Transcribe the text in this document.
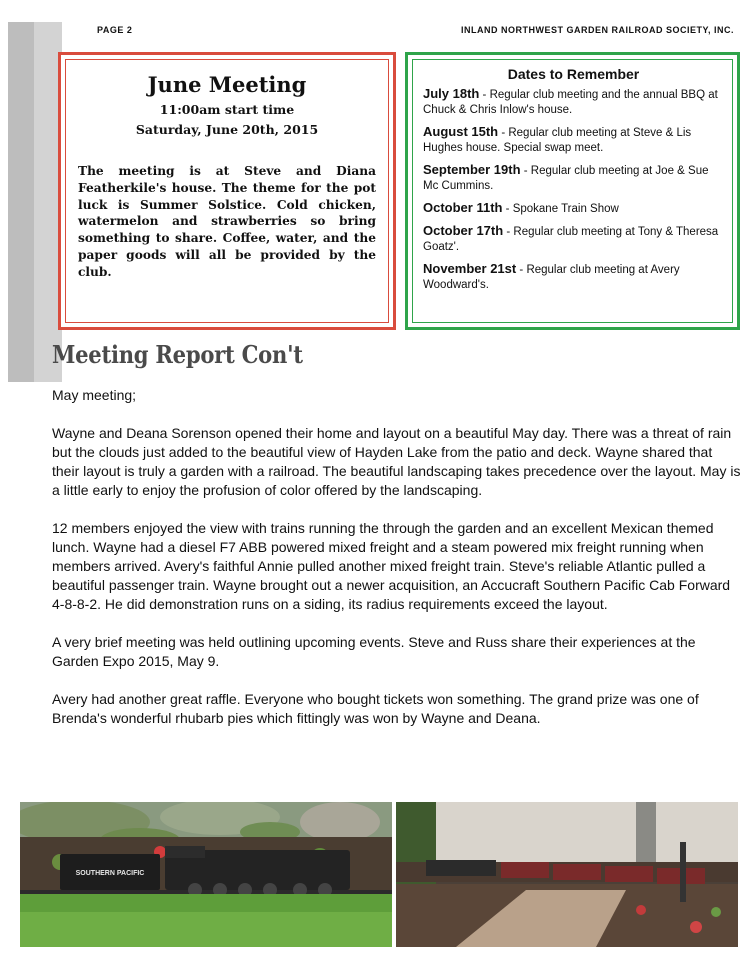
PAGE 2	INLAND NORTHWEST GARDEN RAILROAD SOCIETY, INC.
June Meeting
11:00am start time
Saturday, June 20th, 2015
The meeting is at Steve and Diana Featherkile's house. The theme for the pot luck is Summer Solstice. Cold chicken, watermelon and strawberries so bring something to share. Coffee, water, and the paper goods will all be provided by the club.
Dates to Remember
July 18th - Regular club meeting and the annual BBQ at Chuck & Chris Inlow's house.
August 15th - Regular club meeting at Steve & Lis Hughes house. Special swap meet.
September 19th - Regular club meeting at Joe & Sue Mc Cummins.
October 11th - Spokane Train Show
October 17th - Regular club meeting at Tony & Theresa Goatz'.
November 21st - Regular club meeting at Avery Woodward's.
Meeting Report Con't

May meeting;

Wayne and Deana Sorenson opened their home and layout on a beautiful May day. There was a threat of rain but the clouds just added to the beautiful view of Hayden Lake from the patio and deck. Wayne shared that their layout is truly a garden with a railroad. The beautiful landscaping takes precedence over the layout. May is a little early to enjoy the profusion of color offered by the landscaping.

12 members enjoyed the view with trains running the through the garden and an excellent Mexican themed lunch. Wayne had a diesel F7 ABB powered mixed freight and a steam powered mix freight running when members arrived. Avery's faithful Annie pulled another mixed freight train. Steve's reliable Atlantic pulled a beautiful passenger train. Wayne brought out a newer acquisition, an Accucraft Southern Pacific Cab Forward 4-8-8-2. He did demonstration runs on a siding, its radius requirements exceed the layout.

A very brief meeting was held outlining upcoming events. Steve and Russ share their experiences at the Garden Expo 2015, May 9.

Avery had another great raffle. Everyone who bought tickets won something. The grand prize was one of Brenda's wonderful rhubarb pies which fittingly was won by Wayne and Deana.

SOUTHERN PACIFIC
